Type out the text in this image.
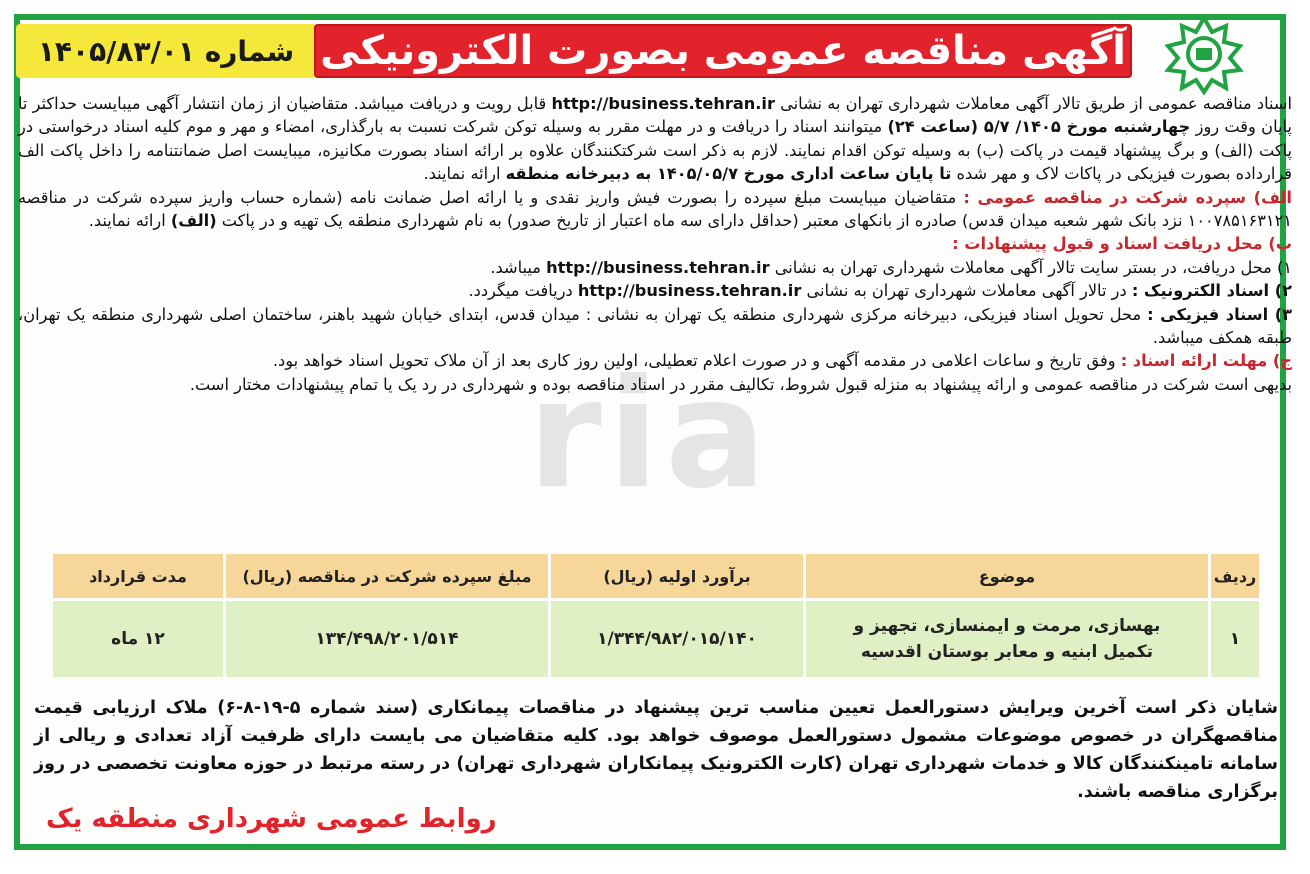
شماره ۱۴۰۵/۸۳/۰۱ آگهی مناقصه عمومی بصورت الکترونیکی

اسناد مناقصه عمومی از طریق تالار آگهی معاملات شهرداری تهران به نشانی http://business.tehran.ir قابل رویت و دریافت میباشد. متقاضیان از زمان انتشار آگهی میبایست حداکثر تا پایان وقت روز چهارشنبه مورخ ۱۴۰۵/ ۵/۷ (ساعت ۲۴) میتوانند اسناد را دریافت و در مهلت مقرر به وسیله توکن شرکت نسبت به بارگذاری، امضاء و مهر و موم کلیه اسناد درخواستی در پاکت (الف) و برگ پیشنهاد قیمت در پاکت (ب) به وسیله توکن اقدام نمایند. لازم به ذکر است شرکتکنندگان علاوه بر ارائه اسناد بصورت مکانیزه، میبایست اصل ضمانتنامه را داخل پاکت الف قرارداده بصورت فیزیکی در پاکات لاک و مهر شده تا پایان ساعت اداری مورخ ۱۴۰۵/۰۵/۷ به دبیرخانه منطقه ارائه نمایند.

الف) سپرده شرکت در مناقصه عمومی : متقاضیان میبایست مبلغ سپرده را بصورت فیش واریز نقدی و یا ارائه اصل ضمانت نامه (شماره حساب واریز سپرده شرکت در مناقصه ۱۰۰۷۸۵۱۶۳۱۲۱ نزد بانک شهر شعبه میدان قدس) صادره از بانکهای معتبر (حداقل دارای سه ماه اعتبار از تاریخ صدور) به نام شهرداری منطقه یک تهیه و در پاکت (الف) ارائه نمایند.

ب) محل دریافت اسناد و قبول پیشنهادات :

۱) محل دریافت، در بستر سایت تالار آگهی معاملات شهرداری تهران به نشانی http://business.tehran.ir میباشد.

۲) اسناد الکترونیک : در تالار آگهی معاملات شهرداری تهران به نشانی http://business.tehran.ir دریافت میگردد.

۳) اسناد فیزیکی : محل تحویل اسناد فیزیکی، دبیرخانه مرکزی شهرداری منطقه یک تهران به نشانی : میدان قدس، ابتدای خیابان شهید باهنر، ساختمان اصلی شهرداری منطقه یک تهران، طبقه همکف میباشد.

ج) مهلت ارائه اسناد : وفق تاریخ و ساعات اعلامی در مقدمه آگهی و در صورت اعلام تعطیلی، اولین روز کاری بعد از آن ملاک تحویل اسناد خواهد بود.

بدیهی است شرکت در مناقصه عمومی و ارائه پیشنهاد به منزله قبول شروط، تکالیف مقرر در اسناد مناقصه بوده و شهرداری در رد یک یا تمام پیشنهادات مختار است.

ردیف	موضوع	برآورد اولیه (ریال)	مبلغ سپرده شرکت در مناقصه (ریال)	مدت قرارداد
۱	بهسازی، مرمت و ایمنسازی، تجهیز و
تکمیل ابنیه و معابر بوستان اقدسیه	۱/۳۴۴/۹۸۲/۰۱۵/۱۴۰	۱۳۴/۴۹۸/۲۰۱/۵۱۴	۱۲ ماه
شایان ذکر است آخرین ویرایش دستورالعمل تعیین مناسب ترین پیشنهاد در مناقصات پیمانکاری (سند شماره ۵-۱۹-۸-۶) ملاک ارزیابی قیمت مناقصهگران در خصوص موضوعات مشمول دستورالعمل موصوف خواهد بود. کلیه متقاضیان می بایست دارای ظرفیت آزاد تعدادی و ریالی از سامانه تامینکنندگان کالا و خدمات شهرداری تهران (کارت الکترونیک پیمانکاران شهرداری تهران) در رسته مرتبط در حوزه معاونت تخصصی در روز برگزاری مناقصه باشند.
روابط عمومی شهرداری منطقه یک
